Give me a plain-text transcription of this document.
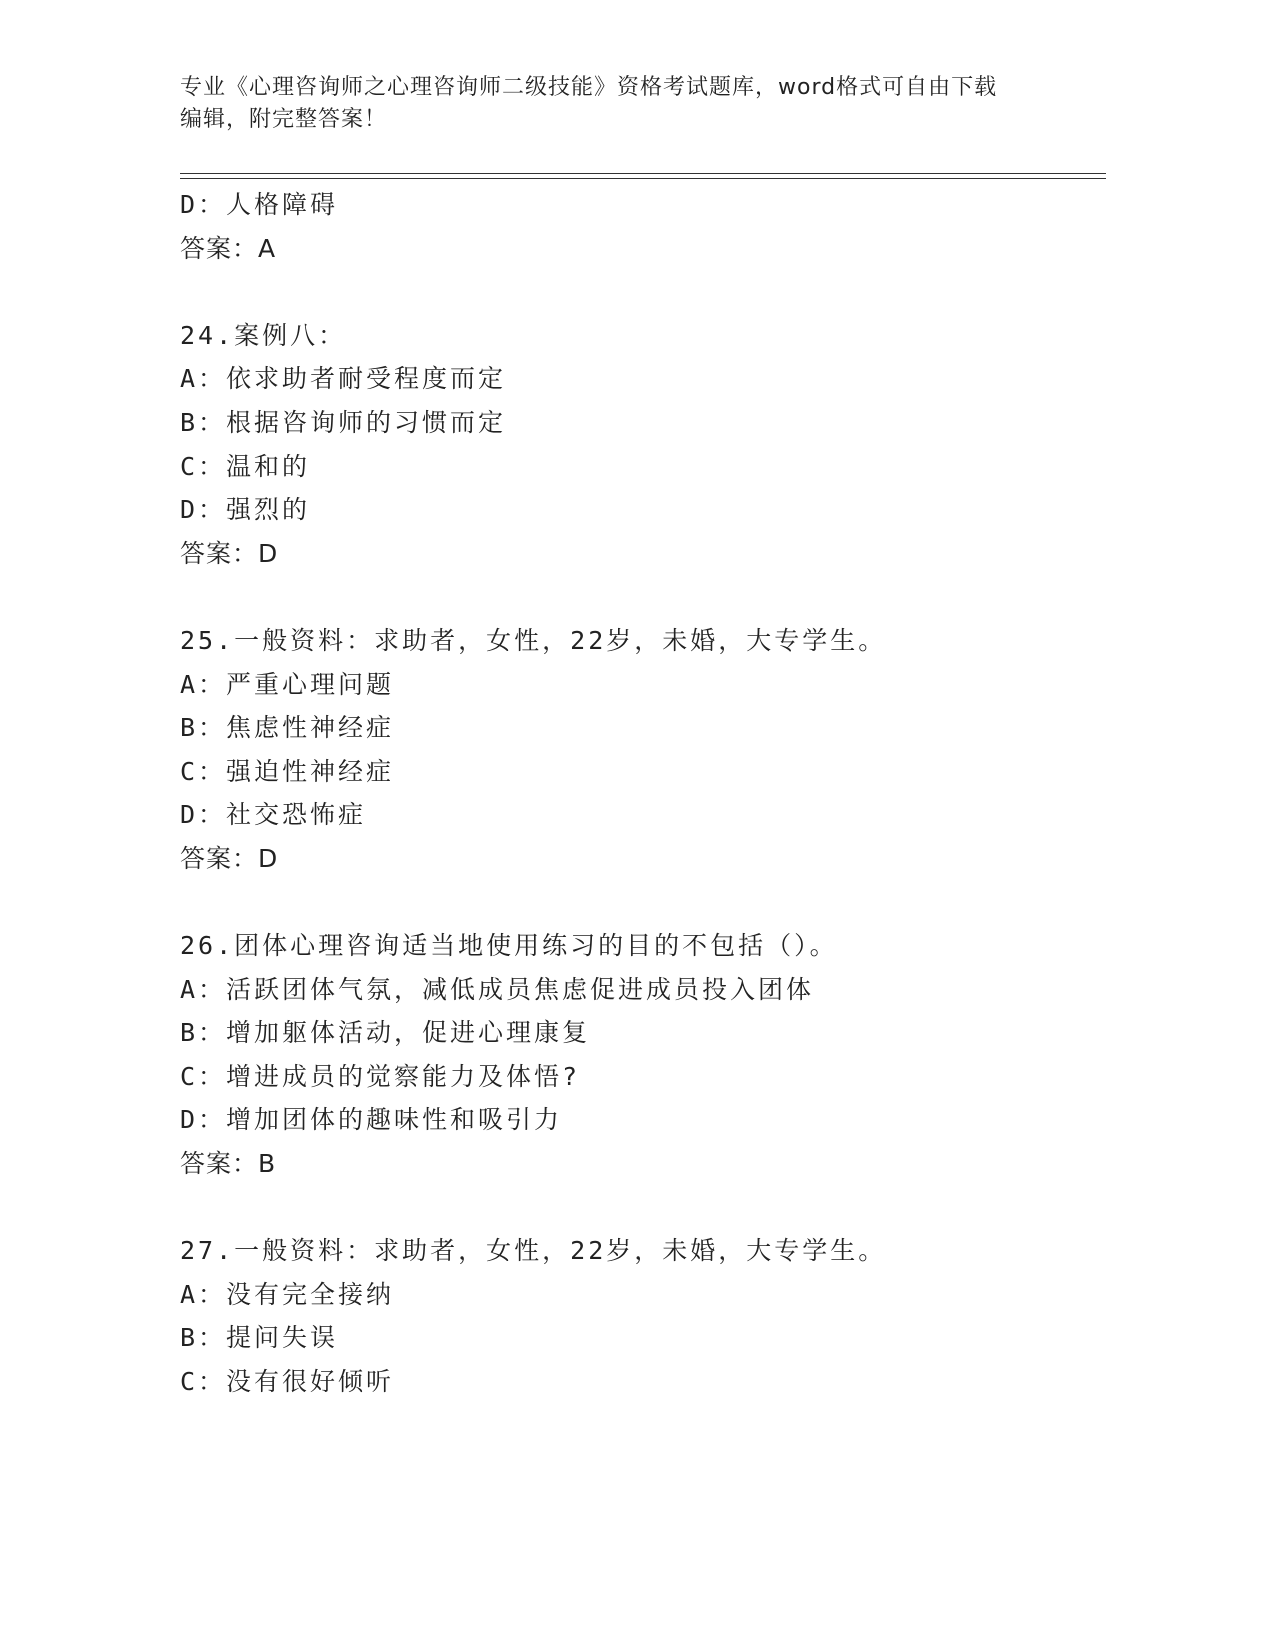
专业《心理咨询师之心理咨询师二级技能》资格考试题库，word格式可自由下载
编辑，附完整答案！
D：人格障碍
答案：A
24.案例八：
A：依求助者耐受程度而定
B：根据咨询师的习惯而定
C：温和的
D：强烈的
答案：D
25.一般资料：求助者，女性，22岁，未婚，大专学生。
A：严重心理问题
B：焦虑性神经症
C：强迫性神经症
D：社交恐怖症
答案：D
26.团体心理咨询适当地使用练习的目的不包括（）。
A：活跃团体气氛，减低成员焦虑促进成员投入团体
B：增加躯体活动，促进心理康复
C：增进成员的觉察能力及体悟?
D：增加团体的趣味性和吸引力
答案：B
27.一般资料：求助者，女性，22岁，未婚，大专学生。
A：没有完全接纳
B：提问失误
C：没有很好倾听
